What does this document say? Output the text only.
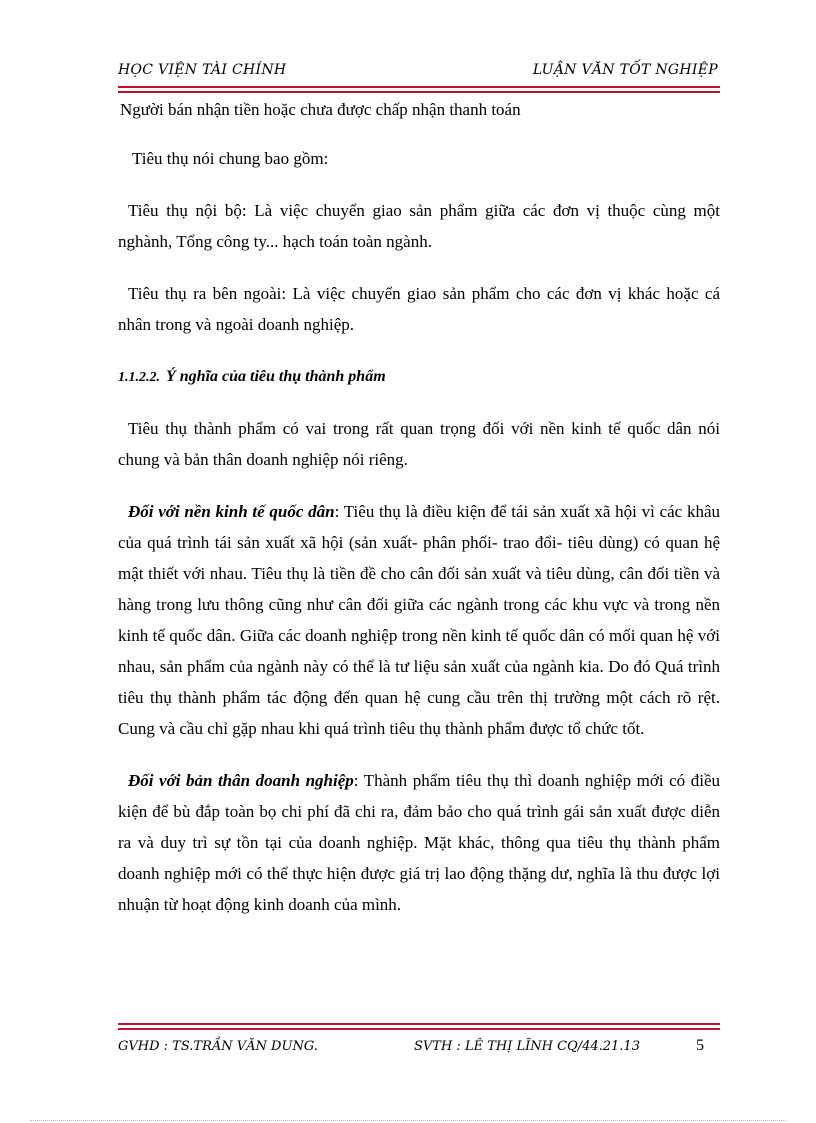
HỌC VIỆN TÀI CHÍNH	LUẬN VĂN TỐT NGHIỆP

Người bán nhận tiền hoặc chưa được chấp nhận thanh toán

Tiêu thụ nói chung bao gồm:

Tiêu thụ nội bộ: Là việc chuyển giao sản phẩm giữa các đơn vị thuộc cùng một nghành, Tổng công ty... hạch toán toàn ngành.

Tiêu thụ ra bên ngoài: Là việc chuyển giao sản phẩm cho các đơn vị khác hoặc cá nhân trong và ngoài doanh nghiệp.

1.1.2.2. Ý nghĩa của tiêu thụ thành phẩm

Tiêu thụ thành phẩm có vai trong rất quan trọng đối với nền kinh tế quốc dân nói chung và bản thân doanh nghiệp nói riêng.

Đối với nền kinh tế quốc dân: Tiêu thụ là điều kiện để tái sản xuất xã hội vì các khâu của quá trình tái sản xuất xã hội (sản xuất- phân phối- trao đổi- tiêu dùng) có quan hệ mật thiết với nhau. Tiêu thụ là tiền đề cho cân đối sản xuất và tiêu dùng, cân đối tiền và hàng trong lưu thông cũng như cân đối giữa các ngành trong các khu vực và trong nền kinh tế quốc dân. Giữa các doanh nghiệp trong nền kinh tế quốc dân có mối quan hệ với nhau, sản phẩm của ngành này có thể là tư liệu sản xuất của ngành kia. Do đó Quá trình tiêu thụ thành phẩm tác động đến quan hệ cung cầu trên thị trường một cách rõ rệt. Cung và cầu chỉ gặp nhau khi quá trình tiêu thụ thành phẩm được tổ chức tốt.

Đối với bản thân doanh nghiệp: Thành phẩm tiêu thụ thì doanh nghiệp mới có điều kiện để bù đắp toàn bọ chi phí đã chi ra, đảm bảo cho quá trình gái sản xuất được diễn ra và duy trì sự tồn tại của doanh nghiệp. Mặt khác, thông qua tiêu thụ thành phẩm doanh nghiệp mới có thể thực hiện được giá trị lao động thặng dư, nghĩa là thu được lợi nhuận từ hoạt động kinh doanh của mình.

GVHD : TS.TRẦN VĂN DUNG.	SVTH : LÊ THỊ LĨNH CQ/44.21.13	5
